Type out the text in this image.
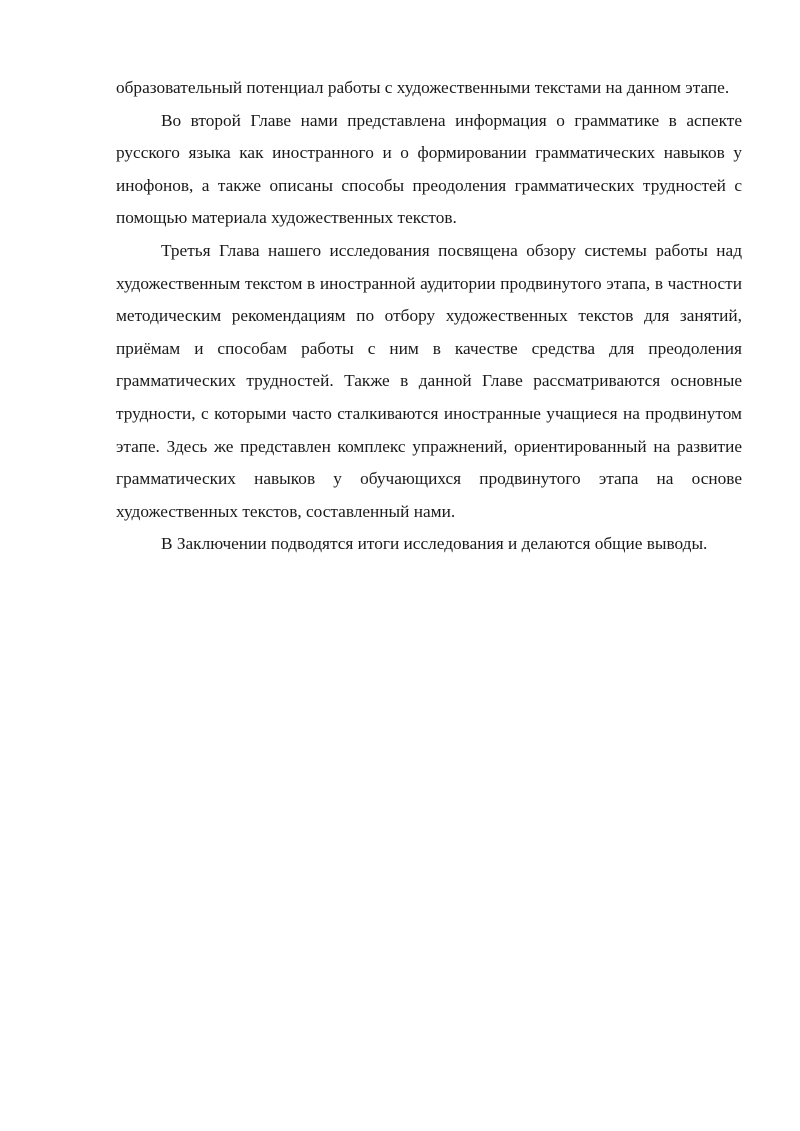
образовательный потенциал работы с художественными текстами на данном этапе.

Во второй Главе нами представлена информация о грамматике в аспекте русского языка как иностранного и о формировании грамматических навыков у инофонов, а также описаны способы преодоления грамматических трудностей с помощью материала художественных текстов.

Третья Глава нашего исследования посвящена обзору системы работы над художественным текстом в иностранной аудитории продвинутого этапа, в частности методическим рекомендациям по отбору художественных текстов для занятий, приёмам и способам работы с ним в качестве средства для преодоления грамматических трудностей. Также в данной Главе рассматриваются основные трудности, с которыми часто сталкиваются иностранные учащиеся на продвинутом этапе. Здесь же представлен комплекс упражнений, ориентированный на развитие грамматических навыков у обучающихся продвинутого этапа на основе художественных текстов, составленный нами.

В Заключении подводятся итоги исследования и делаются общие выводы.
